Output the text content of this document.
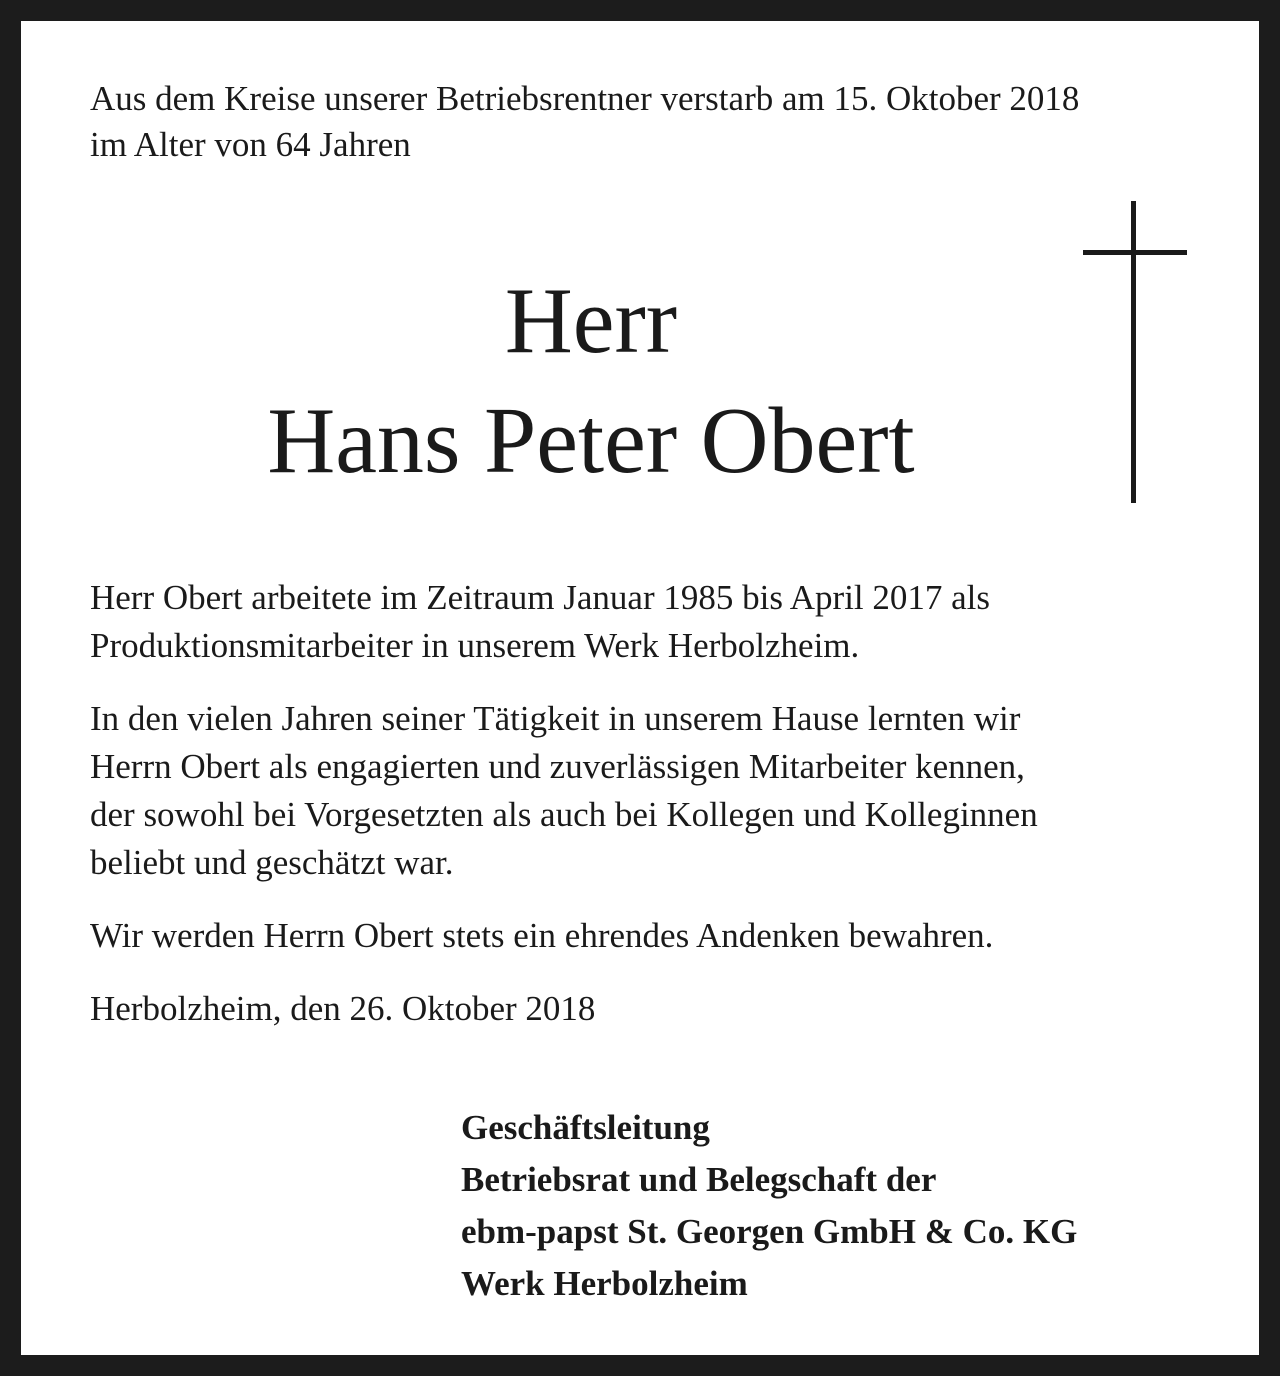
Aus dem Kreise unserer Betriebsrentner verstarb am 15. Oktober 2018
im Alter von 64 Jahren
Herr
Hans Peter Obert

Herr Obert arbeitete im Zeitraum Januar 1985 bis April 2017 als
Produktionsmitarbeiter in unserem Werk Herbolzheim.

In den vielen Jahren seiner Tätigkeit in unserem Hause lernten wir
Herrn Obert als engagierten und zuverlässigen Mitarbeiter kennen,
der sowohl bei Vorgesetzten als auch bei Kollegen und Kolleginnen
beliebt und geschätzt war.

Wir werden Herrn Obert stets ein ehrendes Andenken bewahren.

Herbolzheim, den 26. Oktober 2018

Geschäftsleitung
Betriebsrat und Belegschaft der
ebm-papst St. Georgen GmbH & Co. KG
Werk Herbolzheim
